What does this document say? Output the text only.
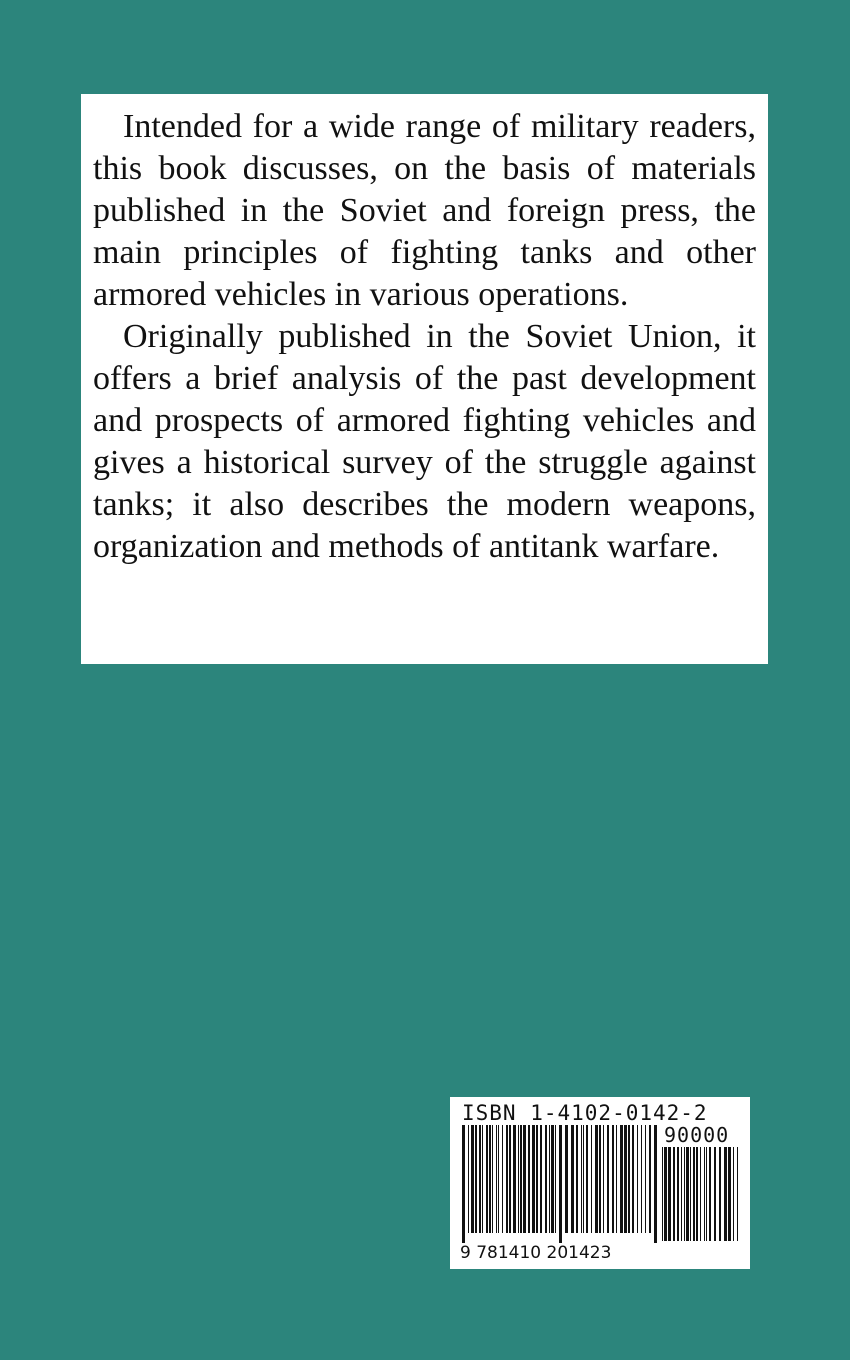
Intended for a wide range of military readers, this book discusses, on the basis of materials published in the Soviet and foreign press, the main principles of fighting tanks and other armored vehicles in various operations.

Originally published in the Soviet Union, it offers a brief analysis of the past development and prospects of armored fighting vehicles and gives a historical survey of the struggle against tanks; it also describes the modern weapons, organization and methods of antitank warfare.

ISBN 1-4102-0142-2
90000
9 781410 201423
